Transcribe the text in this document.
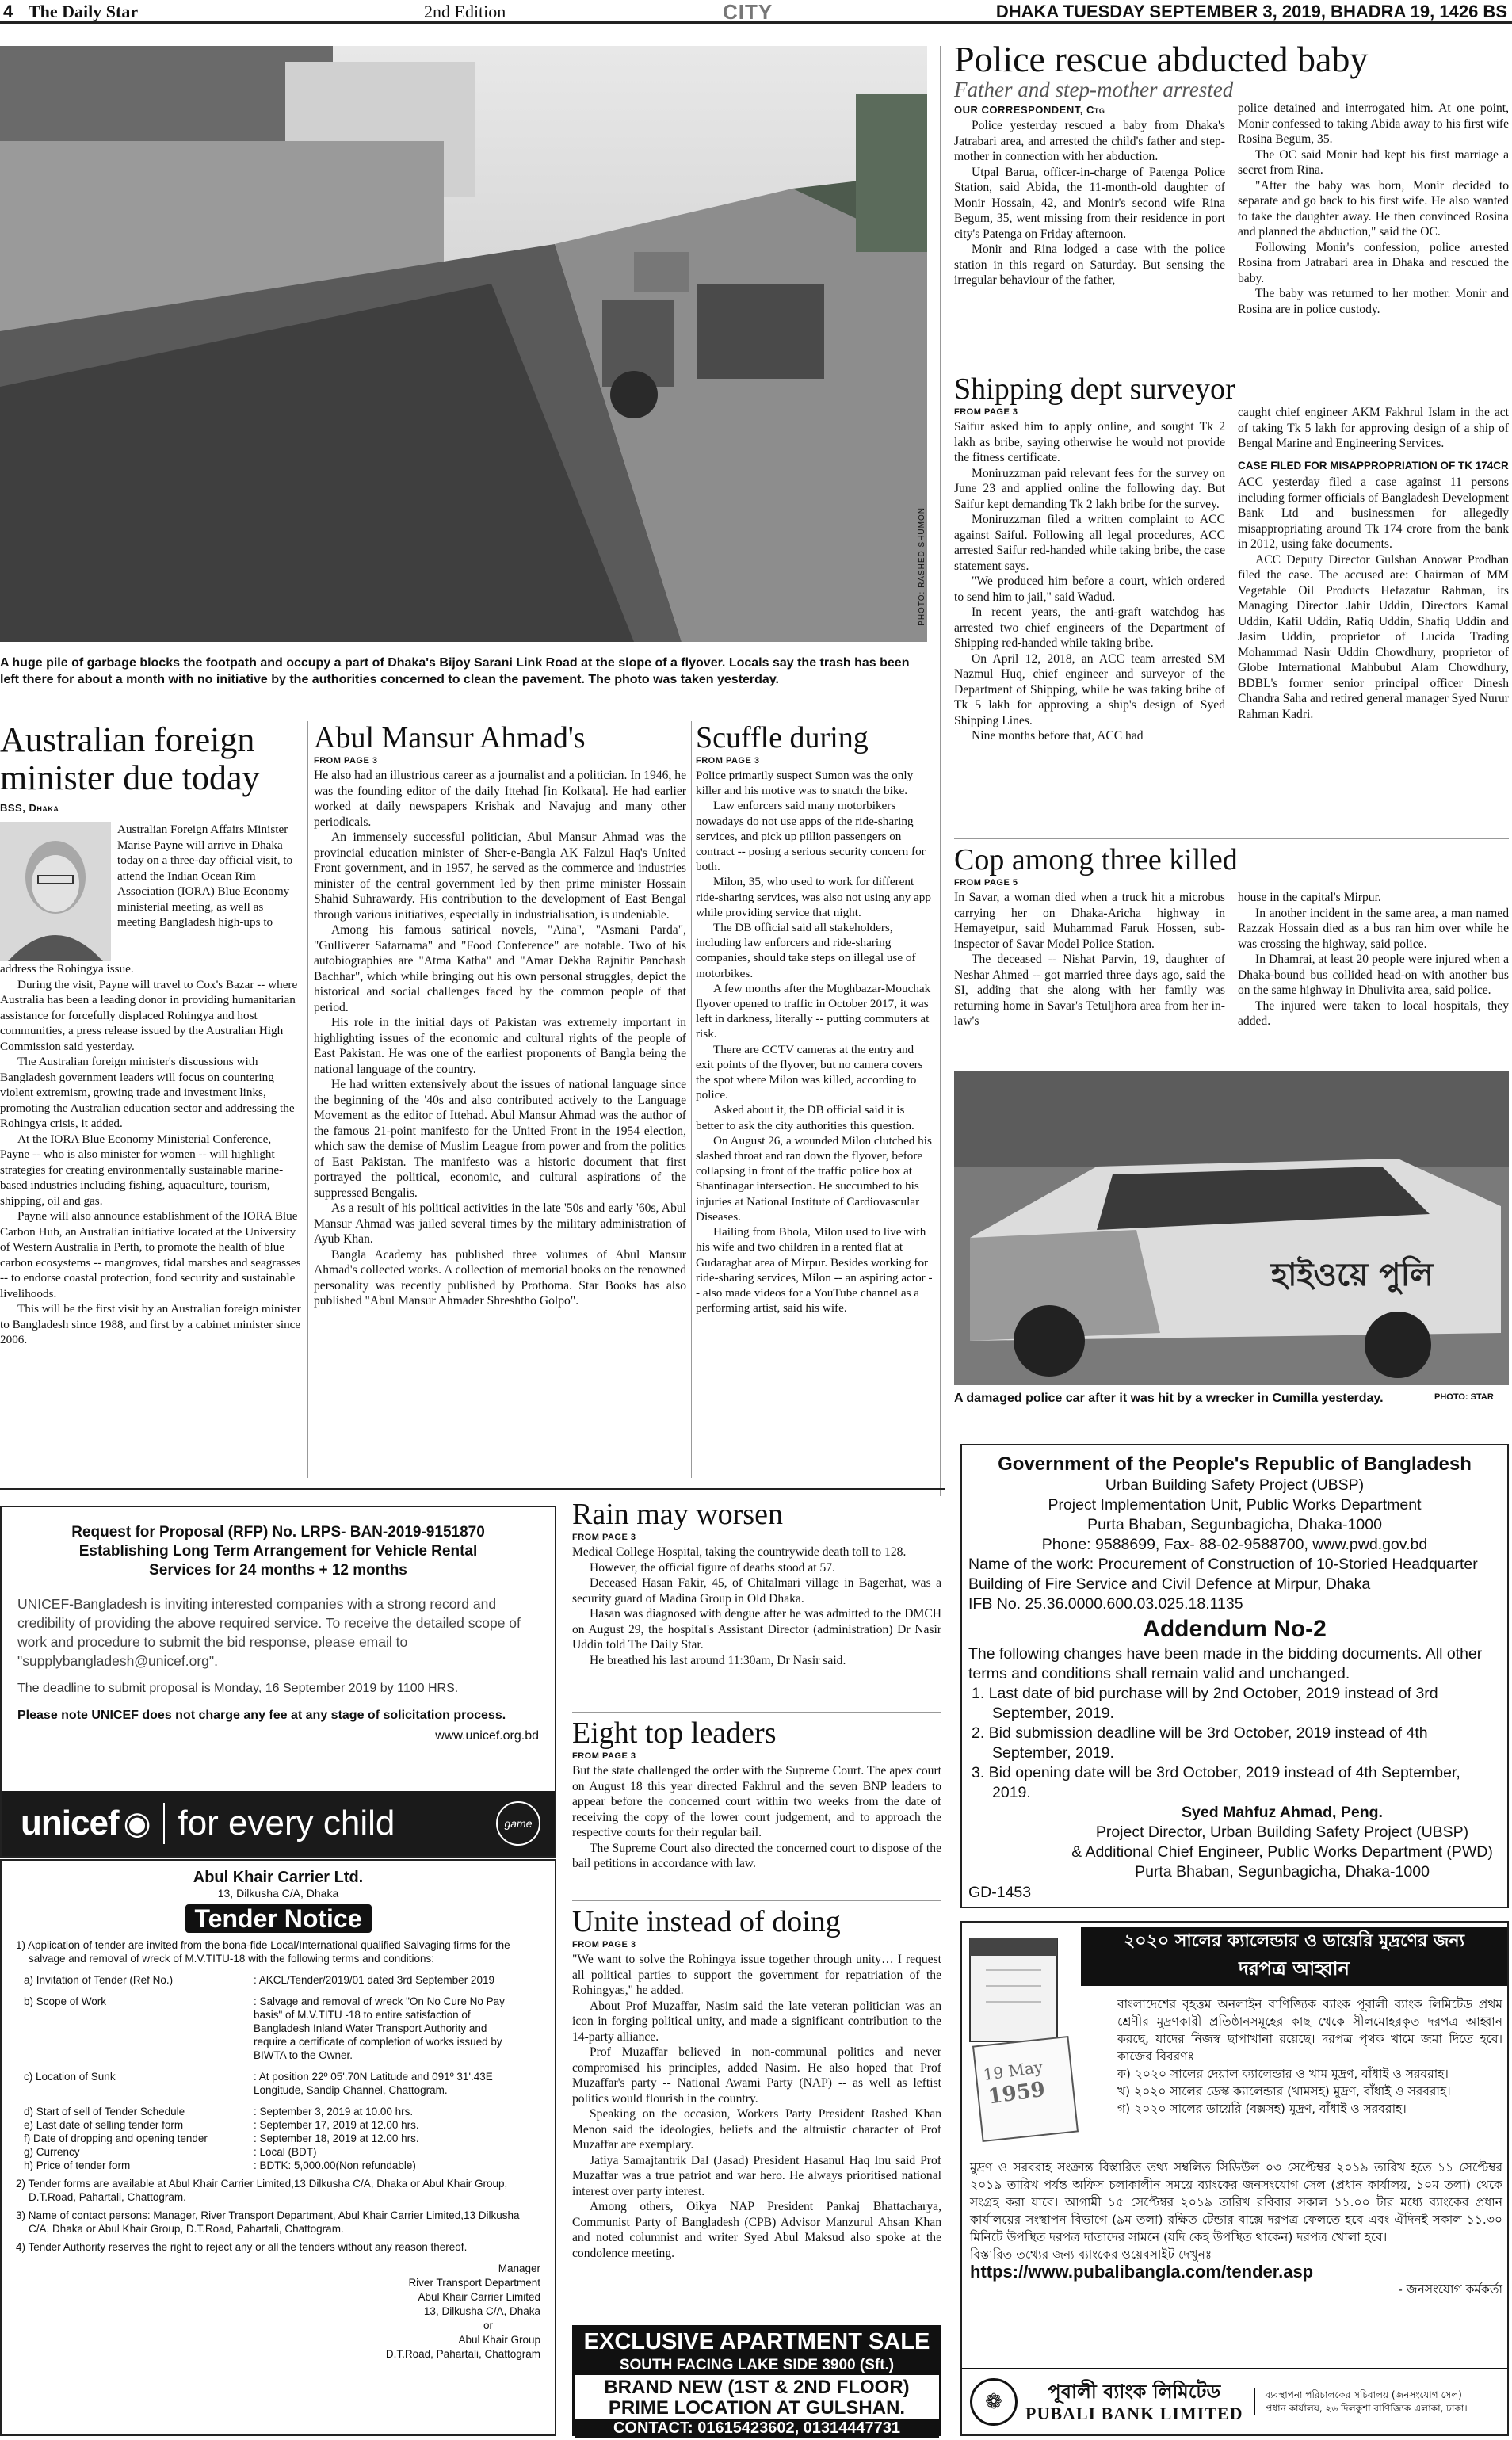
4 The Daily Star	2nd Edition	CITY	DHAKA TUESDAY SEPTEMBER 3, 2019, BHADRA 19, 1426 BS
PHOTO: RASHED SHUMON
A huge pile of garbage blocks the footpath and occupy a part of Dhaka's Bijoy Sarani Link Road at the slope of a flyover. Locals say the trash has been left there for about a month with no initiative by the authorities concerned to clean the pavement. The photo was taken yesterday.
Police rescue abducted baby
Father and step-mother arrested
OUR CORRESPONDENT, Ctg

Police yesterday rescued a baby from Dhaka's Jatrabari area, and arrested the child's father and step-mother in connection with her abduction.

Utpal Barua, officer-in-charge of Patenga Police Station, said Abida, the 11-month-old daughter of Monir Hossain, 42, and Monir's second wife Rina Begum, 35, went missing from their residence in port city's Patenga on Friday afternoon.

Monir and Rina lodged a case with the police station in this regard on Saturday. But sensing the irregular behaviour of the father,

police detained and interrogated him. At one point, Monir confessed to taking Abida away to his first wife Rosina Begum, 35.

The OC said Monir had kept his first marriage a secret from Rina.

"After the baby was born, Monir decided to separate and go back to his first wife. He also wanted to take the daughter away. He then convinced Rosina and planned the abduction," said the OC.

Following Monir's confession, police arrested Rosina from Jatrabari area in Dhaka and rescued the baby.

The baby was returned to her mother. Monir and Rosina are in police custody.

Shipping dept surveyor
FROM PAGE 3

Saifur asked him to apply online, and sought Tk 2 lakh as bribe, saying otherwise he would not provide the fitness certificate.

Moniruzzman paid relevant fees for the survey on June 23 and applied online the following day. But Saifur kept demanding Tk 2 lakh bribe for the survey.

Moniruzzman filed a written complaint to ACC against Saiful. Following all legal procedures, ACC arrested Saifur red-handed while taking bribe, the case statement says.

"We produced him before a court, which ordered to send him to jail," said Wadud.

In recent years, the anti-graft watchdog has arrested two chief engineers of the Department of Shipping red-handed while taking bribe.

On April 12, 2018, an ACC team arrested SM Nazmul Huq, chief engineer and surveyor of the Department of Shipping, while he was taking bribe of Tk 5 lakh for approving a ship's design of Syed Shipping Lines.

Nine months before that, ACC had

caught chief engineer AKM Fakhrul Islam in the act of taking Tk 5 lakh for approving design of a ship of Bengal Marine and Engineering Services.

CASE FILED FOR MISAPPROPRIATION OF TK 174CR

ACC yesterday filed a case against 11 persons including former officials of Bangladesh Development Bank Ltd and businessmen for allegedly misappropriating around Tk 174 crore from the bank in 2012, using fake documents.

ACC Deputy Director Gulshan Anowar Prodhan filed the case. The accused are: Chairman of MM Vegetable Oil Products Hefazatur Rahman, its Managing Director Jahir Uddin, Directors Kamal Uddin, Kafil Uddin, Rafiq Uddin, Shafiq Uddin and Jasim Uddin, proprietor of Lucida Trading Mohammad Nasir Uddin Chowdhury, proprietor of Globe International Mahbubul Alam Chowdhury, BDBL's former senior principal officer Dinesh Chandra Saha and retired general manager Syed Nurur Rahman Kadri.

Cop among three killed
FROM PAGE 5

In Savar, a woman died when a truck hit a microbus carrying her on Dhaka-Aricha highway in Hemayetpur, said Muhammad Faruk Hossen, sub-inspector of Savar Model Police Station.

The deceased -- Nishat Parvin, 19, daughter of Neshar Ahmed -- got married three days ago, said the SI, adding that she along with her family was returning home in Savar's Tetuljhora area from her in-law's

house in the capital's Mirpur.

In another incident in the same area, a man named Razzak Hossain died as a bus ran him over while he was crossing the highway, said police.

In Dhamrai, at least 20 people were injured when a Dhaka-bound bus collided head-on with another bus on the same highway in Dhulivita area, said police.

The injured were taken to local hospitals, they added.

হাইওয়ে পুলি
A damaged police car after it was hit by a wrecker in Cumilla yesterday.	PHOTO: STAR
Australian foreign minister due today
BSS, Dhaka
Australian Foreign Affairs Minister Marise Payne will arrive in Dhaka today on a three-day official visit, to attend the Indian Ocean Rim Association (IORA) Blue Economy ministerial meeting, as well as meeting Bangladesh high-ups to

address the Rohingya issue.

During the visit, Payne will travel to Cox's Bazar -- where Australia has been a leading donor in providing humanitarian assistance for forcefully displaced Rohingya and host communities, a press release issued by the Australian High Commission said yesterday.

The Australian foreign minister's discussions with Bangladesh government leaders will focus on countering violent extremism, growing trade and investment links, promoting the Australian education sector and addressing the Rohingya crisis, it added.

At the IORA Blue Economy Ministerial Conference, Payne -- who is also minister for women -- will highlight strategies for creating environmentally sustainable marine-based industries including fishing, aquaculture, tourism, shipping, oil and gas.

Payne will also announce establishment of the IORA Blue Carbon Hub, an Australian initiative located at the University of Western Australia in Perth, to promote the health of blue carbon ecosystems -- mangroves, tidal marshes and seagrasses -- to endorse coastal protection, food security and sustainable livelihoods.

This will be the first visit by an Australian foreign minister to Bangladesh since 1988, and first by a cabinet minister since 2006.

Abul Mansur Ahmad's
FROM PAGE 3

He also had an illustrious career as a journalist and a politician. In 1946, he was the founding editor of the daily Ittehad [in Kolkata]. He had earlier worked at daily newspapers Krishak and Navajug and many other periodicals.

An immensely successful politician, Abul Mansur Ahmad was the provincial education minister of Sher-e-Bangla AK Falzul Haq's United Front government, and in 1957, he served as the commerce and industries minister of the central government led by then prime minister Hossain Shahid Suhrawardy. His contribution to the development of East Bengal through various initiatives, especially in industrialisation, is undeniable.

Among his famous satirical novels, "Aina", "Asmani Parda", "Gulliverer Safarnama" and "Food Conference" are notable. Two of his autobiographies are "Atma Katha" and "Amar Dekha Rajnitir Panchash Bachhar", which while bringing out his own personal struggles, depict the historical and social challenges faced by the common people of that period.

His role in the initial days of Pakistan was extremely important in highlighting issues of the economic and cultural rights of the people of East Pakistan. He was one of the earliest proponents of Bangla being the national language of the country.

He had written extensively about the issues of national language since the beginning of the '40s and also contributed actively to the Language Movement as the editor of Ittehad. Abul Mansur Ahmad was the author of the famous 21-point manifesto for the United Front in the 1954 election, which saw the demise of Muslim League from power and from the politics of East Pakistan. The manifesto was a historic document that first portrayed the political, economic, and cultural aspirations of the suppressed Bengalis.

As a result of his political activities in the late '50s and early '60s, Abul Mansur Ahmad was jailed several times by the military administration of Ayub Khan.

Bangla Academy has published three volumes of Abul Mansur Ahmad's collected works. A collection of memorial books on the renowned personality was recently published by Prothoma. Star Books has also published "Abul Mansur Ahmader Shreshtho Golpo".

Scuffle during
FROM PAGE 3

Police primarily suspect Sumon was the only killer and his motive was to snatch the bike.

Law enforcers said many motorbikers nowadays do not use apps of the ride-sharing services, and pick up pillion passengers on contract -- posing a serious security concern for both.

Milon, 35, who used to work for different ride-sharing services, was also not using any app while providing service that night.

The DB official said all stakeholders, including law enforcers and ride-sharing companies, should take steps on illegal use of motorbikes.

A few months after the Moghbazar-Mouchak flyover opened to traffic in October 2017, it was left in darkness, literally -- putting commuters at risk.

There are CCTV cameras at the entry and exit points of the flyover, but no camera covers the spot where Milon was killed, according to police.

Asked about it, the DB official said it is better to ask the city authorities this question.

On August 26, a wounded Milon clutched his slashed throat and ran down the flyover, before collapsing in front of the traffic police box at Shantinagar intersection. He succumbed to his injuries at National Institute of Cardiovascular Diseases.

Hailing from Bhola, Milon used to live with his wife and two children in a rented flat at Gudaraghat area of Mirpur. Besides working for ride-sharing services, Milon -- an aspiring actor -- also made videos for a YouTube channel as a performing artist, said his wife.

Request for Proposal (RFP) No. LRPS- BAN-2019-9151870
Establishing Long Term Arrangement for Vehicle Rental
Services for 24 months + 12 months
UNICEF-Bangladesh is inviting interested companies with a strong record and credibility of providing the above required service. To receive the detailed scope of work and procedure to submit the bid response, please email to "supplybangladesh@unicef.org".
The deadline to submit proposal is Monday, 16 September 2019 by 1100 HRS.
Please note UNICEF does not charge any fee at any stage of solicitation process.
www.unicef.org.bd
unicef ◉ for every child	game
Abul Khair Carrier Ltd.
13, Dilkusha C/A, Dhaka
Tender Notice
1) Application of tender are invited from the bona-fide Local/International qualified Salvaging firms for the salvage and removal of wreck of M.V.TITU-18 with the following terms and conditions:
a) Invitation of Tender (Ref No.)	: AKCL/Tender/2019/01 dated 3rd September 2019
b) Scope of Work	: Salvage and removal of wreck "On No Cure No Pay basis" of M.V.TITU -18 to entire satisfaction of Bangladesh Inland Water Transport Authority and require a certificate of completion of works issued by BIWTA to the Owner.
c) Location of Sunk	: At position 22º 05'.70N Latitude and 091º 31'.43E Longitude, Sandip Channel, Chattogram.
d) Start of sell of Tender Schedule	: September 3, 2019 at 10.00 hrs.
e) Last date of selling tender form	: September 17, 2019 at 12.00 hrs.
f) Date of dropping and opening tender	: September 18, 2019 at 12.00 hrs.
g) Currency	: Local (BDT)
h) Price of tender form	: BDTK: 5,000.00(Non refundable)
2) Tender forms are available at Abul Khair Carrier Limited,13 Dilkusha C/A, Dhaka or Abul Khair Group, D.T.Road, Pahartali, Chattogram.
3) Name of contact persons: Manager, River Transport Department, Abul Khair Carrier Limited,13 Dilkusha C/A, Dhaka or Abul Khair Group, D.T.Road, Pahartali, Chattogram.
4) Tender Authority reserves the right to reject any or all the tenders without any reason thereof.
Manager
River Transport Department
Abul Khair Carrier Limited
13, Dilkusha C/A, Dhaka
or
Abul Khair Group
D.T.Road, Pahartali, Chattogram
Rain may worsen
FROM PAGE 3

Medical College Hospital, taking the countrywide death toll to 128.

However, the official figure of deaths stood at 57.

Deceased Hasan Fakir, 45, of Chitalmari village in Bagerhat, was a security guard of Madina Group in Old Dhaka.

Hasan was diagnosed with dengue after he was admitted to the DMCH on August 29, the hospital's Assistant Director (administration) Dr Nasir Uddin told The Daily Star.

He breathed his last around 11:30am, Dr Nasir said.

Eight top leaders
FROM PAGE 3

But the state challenged the order with the Supreme Court. The apex court on August 18 this year directed Fakhrul and the seven BNP leaders to appear before the concerned court within two weeks from the date of receiving the copy of the lower court judgement, and to approach the respective courts for their regular bail.

The Supreme Court also directed the concerned court to dispose of the bail petitions in accordance with law.

Unite instead of doing
FROM PAGE 3

"We want to solve the Rohingya issue together through unity… I request all political parties to support the government for repatriation of the Rohingyas," he added.

About Prof Muzaffar, Nasim said the late veteran politician was an icon in forging political unity, and made a significant contribution to the 14-party alliance.

Prof Muzaffar believed in non-communal politics and never compromised his principles, added Nasim. He also hoped that Prof Muzaffar's party -- National Awami Party (NAP) -- as well as leftist politics would flourish in the country.

Speaking on the occasion, Workers Party President Rashed Khan Menon said the ideologies, beliefs and the altruistic character of Prof Muzaffar are exemplary.

Jatiya Samajtantrik Dal (Jasad) President Hasanul Haq Inu said Prof Muzaffar was a true patriot and war hero. He always prioritised national interest over party interest.

Among others, Oikya NAP President Pankaj Bhattacharya, Communist Party of Bangladesh (CPB) Advisor Manzurul Ahsan Khan and noted columnist and writer Syed Abul Maksud also spoke at the condolence meeting.

EXCLUSIVE APARTMENT SALE
SOUTH FACING LAKE SIDE 3900 (Sft.)
BRAND NEW (1ST & 2ND FLOOR)
PRIME LOCATION AT GULSHAN.
CONTACT: 01615423602, 01314447731
Government of the People's Republic of Bangladesh
Urban Building Safety Project (UBSP)
Project Implementation Unit, Public Works Department
Purta Bhaban, Segunbagicha, Dhaka-1000
Phone: 9588699, Fax- 88-02-9588700, www.pwd.gov.bd
Name of the work: Procurement of Construction of 10-Storied Headquarter Building of Fire Service and Civil Defence at Mirpur, Dhaka
IFB No. 25.36.0000.600.03.025.18.1135
Addendum No-2
The following changes have been made in the bidding documents. All other terms and conditions shall remain valid and unchanged.
1. Last date of bid purchase will by 2nd October, 2019 instead of 3rd September, 2019.
2. Bid submission deadline will be 3rd October, 2019 instead of 4th September, 2019.
3. Bid opening date will be 3rd October, 2019 instead of 4th September, 2019.
Syed Mahfuz Ahmad, Peng.
Project Director, Urban Building Safety Project (UBSP)
& Additional Chief Engineer, Public Works Department (PWD)
Purta Bhaban, Segunbagicha, Dhaka-1000
GD-1453
19 May
1959
২০২০ সালের ক্যালেন্ডার ও ডায়েরি মুদ্রণের জন্য
দরপত্র আহ্বান
বাংলাদেশের বৃহত্তম অনলাইন বাণিজ্যিক ব্যাংক পূবালী ব্যাংক লিমিটেড প্রথম শ্রেণীর মুদ্রণকারী প্রতিষ্ঠানসমূহের কাছ থেকে সীলমোহরকৃত দরপত্র আহ্বান করছে, যাদের নিজস্ব ছাপাখানা রয়েছে। দরপত্র পৃথক খামে জমা দিতে হবে। কাজের বিবরণঃ
ক) ২০২০ সালের দেয়াল ক্যালেন্ডার ও খাম মুদ্রণ, বাঁধাই ও সরবরাহ।
খ) ২০২০ সালের ডেস্ক ক্যালেন্ডার (খামসহ) মুদ্রণ, বাঁধাই ও সরবরাহ।
গ) ২০২০ সালের ডায়েরি (বক্সসহ) মুদ্রণ, বাঁধাই ও সরবরাহ।
মুদ্রণ ও সরবরাহ সংক্রান্ত বিস্তারিত তথ্য সম্বলিত সিডিউল ০৩ সেপ্টেম্বর ২০১৯ তারিখ হতে ১১ সেপ্টেম্বর ২০১৯ তারিখ পর্যন্ত অফিস চলাকালীন সময়ে ব্যাংকের জনসংযোগ সেল (প্রধান কার্যালয়, ১০ম তলা) থেকে সংগ্রহ করা যাবে। আগামী ১৫ সেপ্টেম্বর ২০১৯ তারিখ রবিবার সকাল ১১.০০ টার মধ্যে ব্যাংকের প্রধান কার্যালয়ের সংস্থাপন বিভাগে (৯ম তলা) রক্ষিত টেন্ডার বাক্সে দরপত্র ফেলতে হবে এবং ঐদিনই সকাল ১১.৩০ মিনিটে উপস্থিত দরপত্র দাতাদের সামনে (যদি কেহ উপস্থিত থাকেন) দরপত্র খোলা হবে।
বিস্তারিত তথ্যের জন্য ব্যাংকের ওয়েবসাইট দেখুনঃ
https://www.pubalibangla.com/tender.asp
- জনসংযোগ কর্মকর্তা
❁	পূবালী ব্যাংক লিমিটেড
PUBALI BANK LIMITED
ব্যবস্থাপনা পরিচালকের সচিবালয় (জনসংযোগ সেল) প্রধান কার্যালয়, ২৬ দিলকুশা বাণিজ্যিক এলাকা, ঢাকা।
